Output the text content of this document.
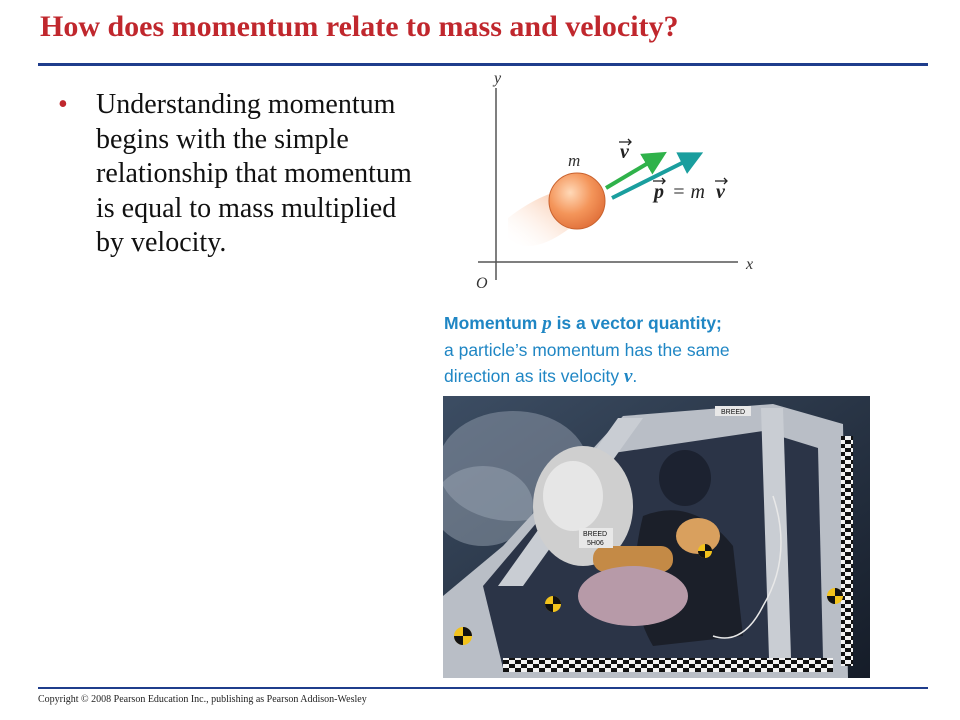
How does momentum relate to mass and velocity?
• Understanding momentum begins with the simple relationship that momentum is equal to mass multiplied by velocity.
y
x
O
m v
p = m v
Momentum p is a vector quantity;
a particle’s momentum has the same
direction as its velocity v.
BREED
BREED
5H06
Copyright © 2008 Pearson Education Inc., publishing as Pearson Addison-Wesley
